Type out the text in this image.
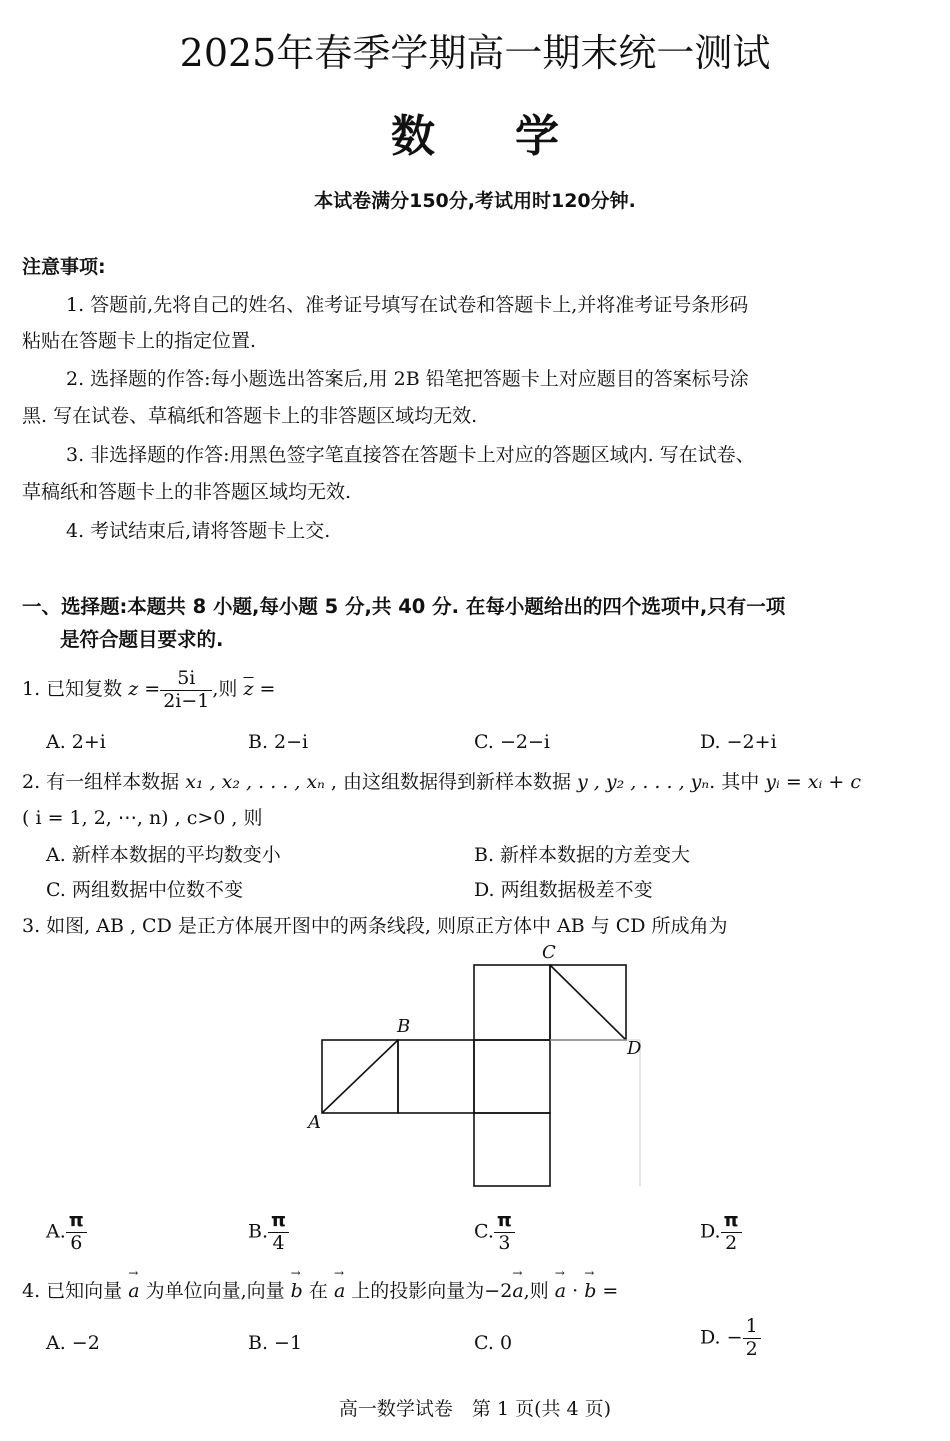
2025年春季学期高一期末统一测试
数学
本试卷满分150分,考试用时120分钟.
注意事项:
1. 答题前,先将自己的姓名、准考证号填写在试卷和答题卡上,并将准考证号条形码
粘贴在答题卡上的指定位置.
2. 选择题的作答:每小题选出答案后,用 2B 铅笔把答题卡上对应题目的答案标号涂
黑. 写在试卷、草稿纸和答题卡上的非答题区域均无效.
3. 非选择题的作答:用黑色签字笔直接答在答题卡上对应的答题区域内. 写在试卷、
草稿纸和答题卡上的非答题区域均无效.
4. 考试结束后,请将答题卡上交.
一、选择题:本题共 8 小题,每小题 5 分,共 40 分. 在每小题给出的四个选项中,只有一项
是符合题目要求的.
1. 已知复数 $z = \frac{5i}{2i-1}$ ,则 $\overline{z}$ =
A. 2+i	B. 2−i	C. −2−i	D. −2+i
2. 有一组样本数据 x₁ , x₂ , . . . , xₙ , 由这组数据得到新样本数据 y , y₂ , . . . , yₙ. 其中 yᵢ = xᵢ + c
( i = 1, 2, ⋯, n) , c>0 , 则
A. 新样本数据的平均数变小	B. 新样本数据的方差变大
C. 两组数据中位数不变	D. 两组数据极差不变
3. 如图, AB , CD 是正方体展开图中的两条线段, 则原正方体中 AB 与 CD 所成角为
A
B
C
D
A. $\frac{\pi}{6}$	B. $\frac{\pi}{4}$	C. $\frac{\pi}{3}$	D. $\frac{\pi}{2}$
4. 已知向量 → a 为单位向量,向量 → b 在 → a 上的投影向量为−2→ a,则 → a · → b =
A. −2	B. −1	C. 0	D. − $\frac{1}{2}$
高一数学试卷　第 1 页(共 4 页)
